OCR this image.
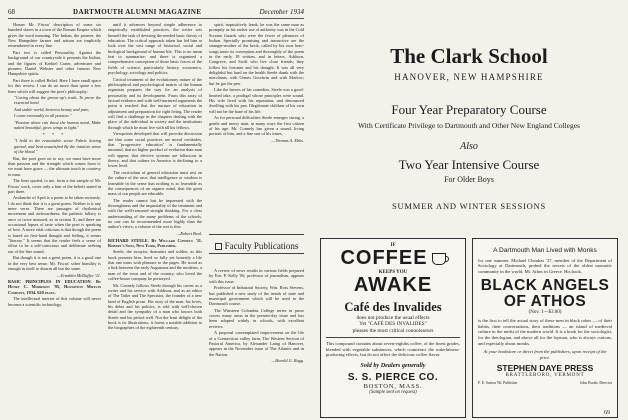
68	DARTMOUTH ALUMNI MAGAZINE	December 1934

Homer Mr. Fiscus' description of some six hundred slaves in a town of the Roman Empire which gives the word meaning. The Indian, the pioneer, the New Hampshire farmer and artisan are implicitly remembered in every line.

Part two is called Personality. Against the background of our countryside it presents the Indian, and the figures of Ezekiel Carter, adventurer and pioneer; Daniel Webster and other famous New Hampshire spirits.

Part three is called Belief. Here I have small space for this review. I can do no more than quote a few lines which will suggest the poet's philosophy:

"Caring about the grown-up's truth, To prove the essential bond

And stable world, between beauty and pain,

I come eventually to all passion."

"Passion alone can those the human mind, Make naked beautiful, gives wings to light."

* * *

"I hold to the reasonable scene Fabric having gained, and beat unsatisfied By the intuitive sense of the blood."

But, the poet goes on to say, we must have more than passion and the strength which comes from it: we must have grace — the ultimate touch in courtesy to man.

The lines quoted, to me, form a fair sample of Mr. Fiscus' work, cover only a hint of the beliefs stated in part three.

Avalanche of April is a poem to be taken seriously. I do not think that it is a great poem. Neither is it any mere verse. There are passages of rhythmical movement and awkwardness; the pathetic fallacy is once or twice misused, as in section X; and there are occasional lapses of taste when the poet is speaking of love. A more vital criticism is that though the poem is based on first-hand thought and feeling, it seems "literary." It seems that the reader feels a sense of effort to be a self-conscious and deliberate seeking out of the fine sound.

But though it is not a great poem, it is a good one in the very best sense. Mr. Fiscus' sober humility is enough in itself to disarm all but the same.

—Franklin McDuffee '21.

BASIC PRINCIPLES IN EDUCATION. By Henry C. Morrison '95, Houghton Mifflin Company, 1934. 620 pages.

The intellectual interest of this volume will never become a scientific technology.

until it advances beyond simple adherence to empirically established practices, the writer sets himself the task of devising the needed basic theory of education. The critical approach taken has led him to look over the vast range of historical, social and biological background of human life. This is no mean feat to summarize; and there is organized a comprehensive conception of those basic forces of the fields of science, particularly history, economics, psychology, sociology and politics.

Critical treatment of the evolutionary nature of the philosophical and psychological matrix of the human organism prepares the way for an analysis of personality and its development. From this array of factual evidence and with well-nurtured arguments the point is reached that the nurture of education in adjustment and preparation for right living. The reader will find a challenge in the chapters dealing with the place of the individual in society and the institutions through which he must live with all his fellows.

Viewpoints developed that will provoke discussion are that some social practices are moral certitudes, that "progressive education" is fundamentally unsound, that no higher product of evolution than man will appear, that elective systems are fallacious in theory, and that culture in America is declining to a lower level.

The curriculum of general education must rest on the culture of the race; that intelligence or wisdom is learnable in the sense that nothing is so learnable as the consequences of an organic mind, that the great mass of our people are educable.

The reader cannot but be impressed with the thoroughness and the impartiality of the treatment and with the well-reasoned straight thinking. For a clear understanding of the many problems of the schools, no one can be recommended more highly than the author's views; a volume of the sort is this.

—Robert Beal.

RICHARD STEELE. By Willard Connely '11. Robert's Sons, New York, Publisher.

Steele, the essayist, dramatist and soldier, as this book presents him, lived so fully yet honestly a life that one turns with pleasure to the pages. He stood as a link between the early Augustans and the moderns, a man of the town and of the country, who loved the coffee-house company he portrayed.

Mr. Connely follows Steele through his career as a writer and his service with Addison, and as an editor of The Tatler and The Spectator, the founder of a new kind of English prose. His story of the man, his loves, his debts and his politics, is told with well-chosen detail and the sympathy of a man who knows both Steele and his period well. Not the least delight of the book is its illustrations; it forms a notable addition to the biographies of the eighteenth century.

spirit, inquisitively frank, he was the same man as promptly as his earlier use of authority was in the Cold Scream Guards who were the fewer of pleasures of Indian. Specially promising and instructive are the stranger-mother of the book, called by his own hero-songs inner its conception and thoroughly of the poem in the early 18 written, and in letters, Addison, Congreve, and Swift who live close friends; they follow his fortunes and his thought. It was all very delightful but hard on the health Steele drank with the merchants, with Ormes Goodwin and with Marlow; but he got the pen.

Like the heroes of his comedies, Steele was a good-hearted rake, a prodigal whose principles were sound. His wife lived with his reputation, and denounced dwelling with his pen. Illegitimate children of his own will not be the bane of his life.

As for personal difficulties Steele emerges strong, a gentle and merry man, in many ways the first citizen of his age. Mr. Connely has given a sound, living portrait of him, and a fine one of his times.

—Thomas A. Ebbs.

Faculty Publications

A review of news results in various fields prepared by Eric P. Kelly '06, professor of journalism, appears with this issue.

Professor of Industrial Society, Wm. Ross Stevens, has published a new study of the trends of state and municipal government which will be used in the Dartmouth course.

The Winsteen Colombia College series in prose covers many areas in the present-day issue and has been adopted widely in schools, with excellent reviews.

A proposal contemplated improvement on the life of a Connecticut valley farm, The Western Section of Pastoral America, by Alexander Laing of Hanover, appears in the November issue of The Atlantic and in the Nation.

—Harold G. Rugg.

The Clark School
HANOVER, NEW HAMPSHIRE
Four Year Preparatory Course
With Certificate Privilege to Dartmouth and Other New England Colleges
Also
Two Year Intensive Course
For Older Boys
SUMMER AND WINTER SESSIONS
IF
COFFEE
KEEPS YOU
AWAKE
Café des Invalides
does not produce the usual effects
Yet "CAFÉ DES INVALIDES"
pleases the most critical connoisseurs
This compound contains about seven-eighths coffee, of the finest grades, blended with vegetable substances, which counteract the wakefulness-producing effects, but do not affect the delicious coffee flavor.
Sold by Dealers generally
S. S. PIERCE CO.
BOSTON, MASS.
(Sample sent on request)
A Dartmouth Man Lived with Monks
for one summer. Michael Choukas '27, member of the Department of Sociology at Dartmouth, probed the secrets of the oldest monastic community in the world, Mt. Athos in Greece. His book,
BLACK ANGELS
OF ATHOS
(Nov. 1—$3.00)
is the first to tell the actual story of these men in black robes — of their habits, their conversations, their traditions — an island of medieval culture in the midst of the modern world. It is a book for the sociologist, for the theologian, and above all for the layman, who is always curious, and especially about monks.
At your bookstore or direct from the publishers, upon receipt of the price.
STEPHEN DAYE PRESS
BRATTLEBORO, VERMONT
F. E. Sutton '06, Publisher	John Booth, Director
69
